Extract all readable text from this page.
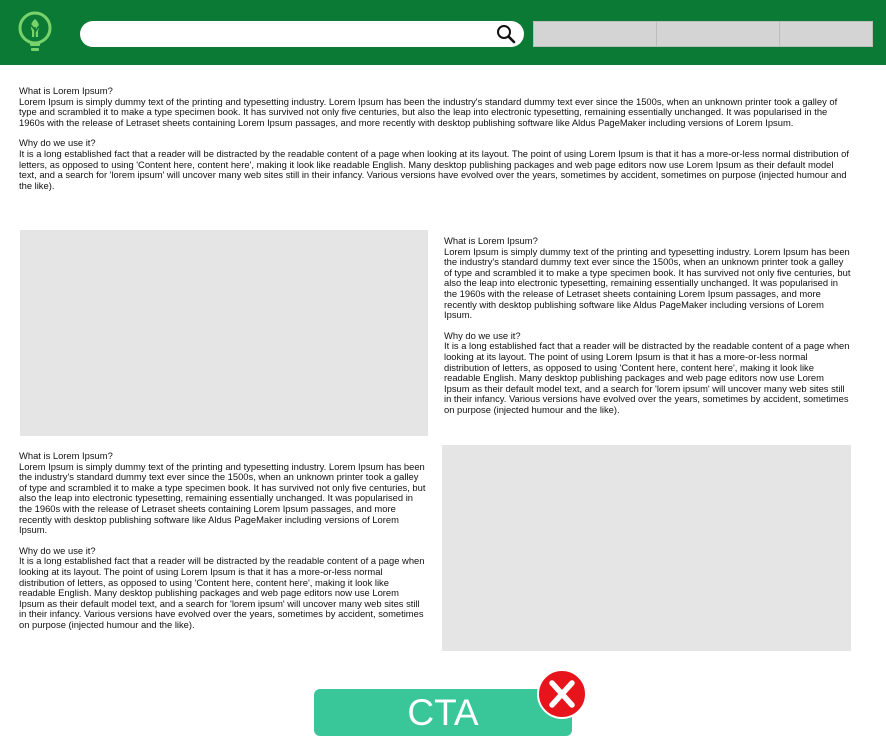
What is Lorem Ipsum?
Lorem Ipsum is simply dummy text of the printing and typesetting industry. Lorem Ipsum has been the industry's standard dummy text ever since the 1500s, when an unknown printer took a galley of type and scrambled it to make a type specimen book. It has survived not only five centuries, but also the leap into electronic typesetting, remaining essentially unchanged. It was popularised in the 1960s with the release of Letraset sheets containing Lorem Ipsum passages, and more recently with desktop publishing software like Aldus PageMaker including versions of Lorem Ipsum.

Why do we use it?
It is a long established fact that a reader will be distracted by the readable content of a page when looking at its layout. The point of using Lorem Ipsum is that it has a more-or-less normal distribution of letters, as opposed to using 'Content here, content here', making it look like readable English. Many desktop publishing packages and web page editors now use Lorem Ipsum as their default model text, and a search for 'lorem ipsum' will uncover many web sites still in their infancy. Various versions have evolved over the years, sometimes by accident, sometimes on purpose (injected humour and the like).

What is Lorem Ipsum?
Lorem Ipsum is simply dummy text of the printing and typesetting industry. Lorem Ipsum has been the industry's standard dummy text ever since the 1500s, when an unknown printer took a galley of type and scrambled it to make a type specimen book. It has survived not only five centuries, but also the leap into electronic typesetting, remaining essentially unchanged. It was popularised in the 1960s with the release of Letraset sheets containing Lorem Ipsum passages, and more recently with desktop publishing software like Aldus PageMaker including versions of Lorem Ipsum.

Why do we use it?
It is a long established fact that a reader will be distracted by the readable content of a page when looking at its layout. The point of using Lorem Ipsum is that it has a more-or-less normal distribution of letters, as opposed to using 'Content here, content here', making it look like readable English. Many desktop publishing packages and web page editors now use Lorem Ipsum as their default model text, and a search for 'lorem ipsum' will uncover many web sites still in their infancy. Various versions have evolved over the years, sometimes by accident, sometimes on purpose (injected humour and the like).

What is Lorem Ipsum?
Lorem Ipsum is simply dummy text of the printing and typesetting industry. Lorem Ipsum has been the industry's standard dummy text ever since the 1500s, when an unknown printer took a galley of type and scrambled it to make a type specimen book. It has survived not only five centuries, but also the leap into electronic typesetting, remaining essentially unchanged. It was popularised in the 1960s with the release of Letraset sheets containing Lorem Ipsum passages, and more recently with desktop publishing software like Aldus PageMaker including versions of Lorem Ipsum.

Why do we use it?
It is a long established fact that a reader will be distracted by the readable content of a page when looking at its layout. The point of using Lorem Ipsum is that it has a more-or-less normal distribution of letters, as opposed to using 'Content here, content here', making it look like readable English. Many desktop publishing packages and web page editors now use Lorem Ipsum as their default model text, and a search for 'lorem ipsum' will uncover many web sites still in their infancy. Various versions have evolved over the years, sometimes by accident, sometimes on purpose (injected humour and the like).

CTA
